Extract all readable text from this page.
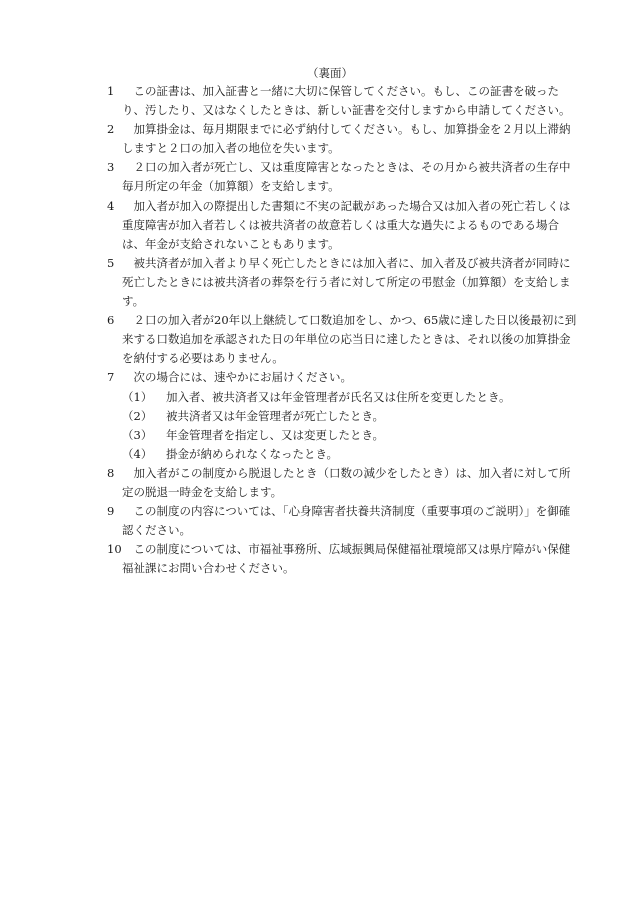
（裏面）
1	この証書は、加入証書と一緒に大切に保管してください。もし、この証書を破ったり、汚したり、又はなくしたときは、新しい証書を交付しますから申請してください。
2	加算掛金は、毎月期限までに必ず納付してください。もし、加算掛金を２月以上滞納しますと２口の加入者の地位を失います。
3	２口の加入者が死亡し、又は重度障害となったときは、その月から被共済者の生存中毎月所定の年金（加算額）を支給します。
4	加入者が加入の際提出した書類に不実の記載があった場合又は加入者の死亡若しくは重度障害が加入者若しくは被共済者の故意若しくは重大な過失によるものである場合は、年金が支給されないこともあります。
5	被共済者が加入者より早く死亡したときには加入者に、加入者及び被共済者が同時に死亡したときには被共済者の葬祭を行う者に対して所定の弔慰金（加算額）を支給します。
6	２口の加入者が20年以上継続して口数追加をし、かつ、65歳に達した日以後最初に到来する口数追加を承認された日の年単位の応当日に達したときは、それ以後の加算掛金を納付する必要はありません。
7	次の場合には、速やかにお届けください。
（1）	加入者、被共済者又は年金管理者が氏名又は住所を変更したとき。
（2）	被共済者又は年金管理者が死亡したとき。
（3）	年金管理者を指定し、又は変更したとき。
（4）	掛金が納められなくなったとき。
8	加入者がこの制度から脱退したとき（口数の減少をしたとき）は、加入者に対して所定の脱退一時金を支給します。
9	この制度の内容については、「心身障害者扶養共済制度（重要事項のご説明）」を御確認ください。
10	この制度については、市福祉事務所、広域振興局保健福祉環境部又は県庁障がい保健福祉課にお問い合わせください。
